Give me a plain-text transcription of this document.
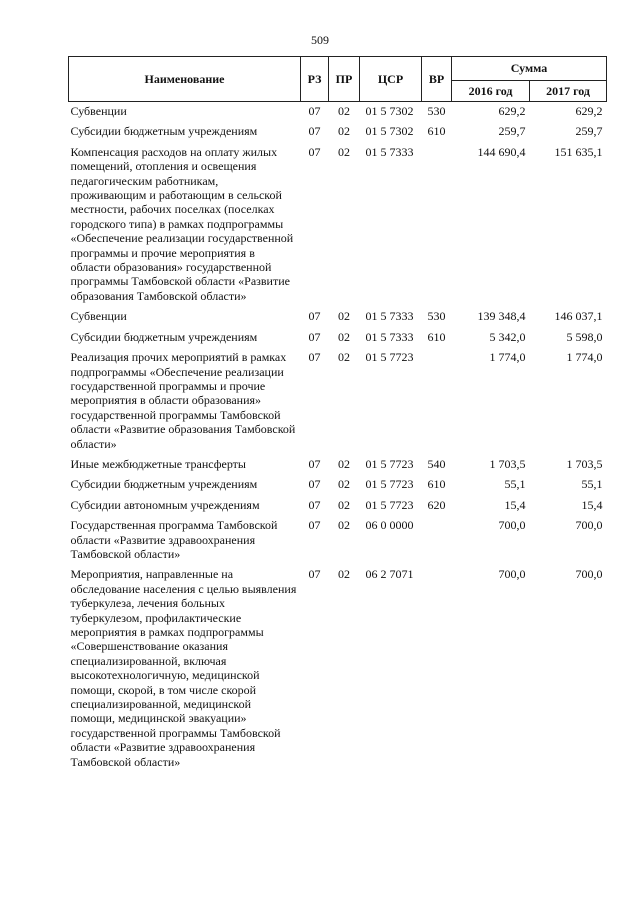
509
Наименование	РЗ	ПР	ЦСР	ВР	Сумма	
					2016 год	2017 год
Субвенции	07	02	01 5 7302	530	629,2	629,2
Субсидии бюджетным учреждениям	07	02	01 5 7302	610	259,7	259,7
Компенсация расходов на оплату жилых помещений, отопления и освещения педагогическим работникам, проживающим и работающим в сельской местности, рабочих поселках (поселках городского типа) в рамках подпрограммы «Обеспечение реализации государственной программы и прочие мероприятия в области образования» государственной программы Тамбовской области «Развитие образования Тамбовской области»	07	02	01 5 7333		144 690,4	151 635,1
Субвенции	07	02	01 5 7333	530	139 348,4	146 037,1
Субсидии бюджетным учреждениям	07	02	01 5 7333	610	5 342,0	5 598,0
Реализация прочих мероприятий в рамках подпрограммы «Обеспечение реализации государственной программы и прочие мероприятия в области образования» государственной программы Тамбовской области «Развитие образования Тамбовской области»	07	02	01 5 7723		1 774,0	1 774,0
Иные межбюджетные трансферты	07	02	01 5 7723	540	1 703,5	1 703,5
Субсидии бюджетным учреждениям	07	02	01 5 7723	610	55,1	55,1
Субсидии автономным учреждениям	07	02	01 5 7723	620	15,4	15,4
Государственная программа Тамбовской области «Развитие здравоохранения Тамбовской области»	07	02	06 0 0000		700,0	700,0
Мероприятия, направленные на обследование населения с целью выявления туберкулеза, лечения больных туберкулезом, профилактические мероприятия в рамках подпрограммы «Совершенствование оказания специализированной, включая высокотехнологичную, медицинской помощи, скорой, в том числе скорой специализированной, медицинской помощи, медицинской эвакуации» государственной программы Тамбовской области «Развитие здравоохранения Тамбовской области»	07	02	06 2 7071		700,0	700,0
